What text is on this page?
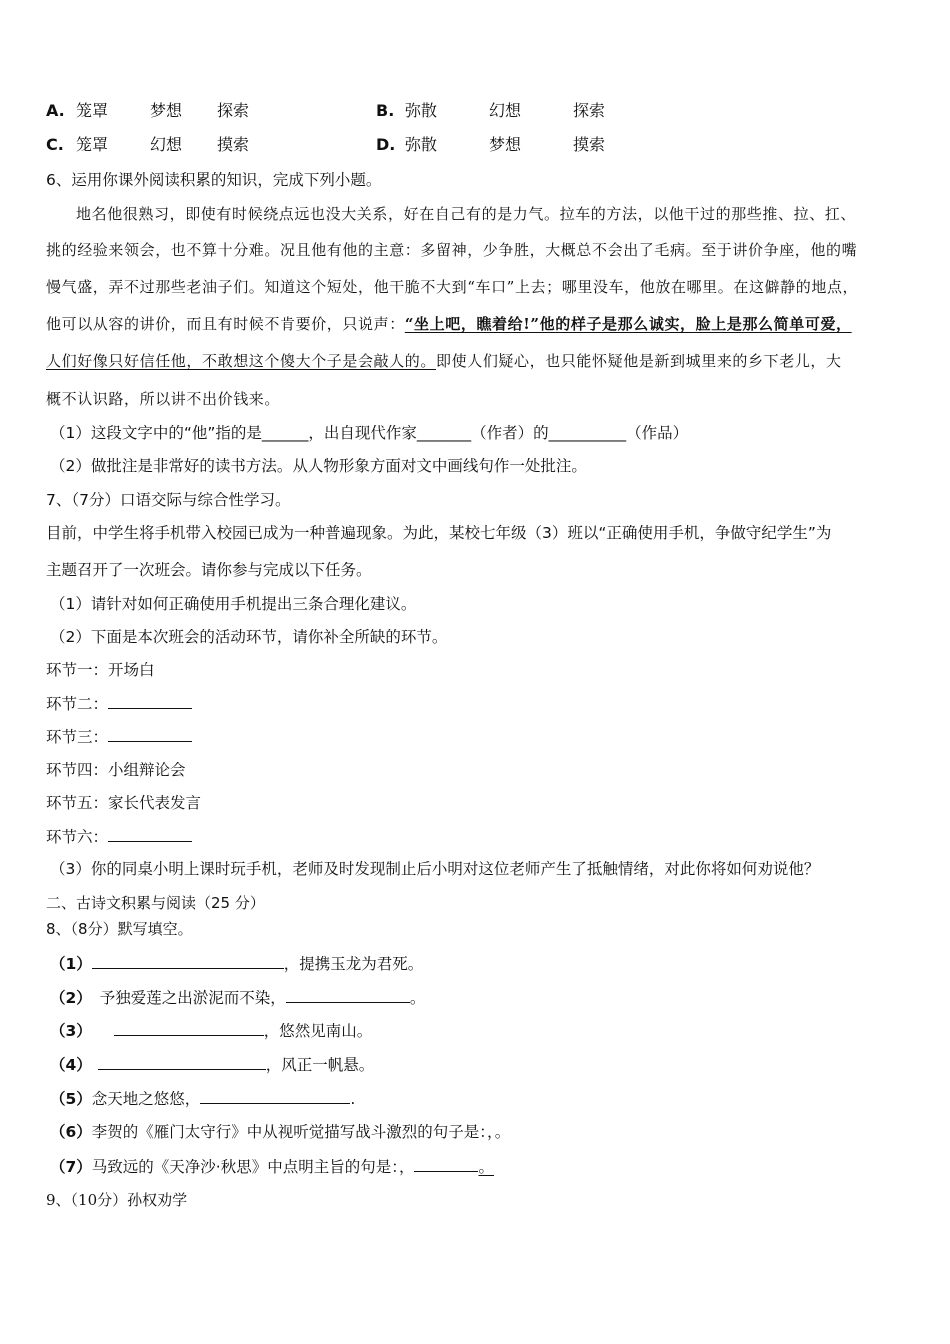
A. 笼罩	梦想 探索	B. 弥散	幻想	探索
C. 笼罩	幻想 摸索	D. 弥散	梦想	摸索
6、运用你课外阅读积累的知识，完成下列小题。
地名他很熟习，即使有时候绕点远也没大关系，好在自己有的是力气。拉车的方法，以他干过的那些推、拉、扛、
挑的经验来领会，也不算十分难。况且他有他的主意：多留神，少争胜，大概总不会出了毛病。至于讲价争座，他的嘴
慢气盛，弄不过那些老油子们。知道这个短处，他干脆不大到“车口”上去；哪里没车，他放在哪里。在这僻静的地点，
他可以从容的讲价，而且有时候不肯要价，只说声：“坐上吧，瞧着给!”他的样子是那么诚实，脸上是那么简单可爱，
人们好像只好信任他，不敢想这个傻大个子是会敲人的。即使人们疑心，也只能怀疑他是新到城里来的乡下老儿，大
概不认识路，所以讲不出价钱来。
（1）这段文字中的“他”指的是______，出自现代作家_______（作者）的__________（作品）
（2）做批注是非常好的读书方法。从人物形象方面对文中画线句作一处批注。
7、（7分）口语交际与综合性学习。
目前，中学生将手机带入校园已成为一种普遍现象。为此，某校七年级（3）班以“正确使用手机，争做守纪学生”为
主题召开了一次班会。请你参与完成以下任务。
（1）请针对如何正确使用手机提出三条合理化建议。
（2）下面是本次班会的活动环节，请你补全所缺的环节。
环节一：开场白
环节二：
环节三：
环节四：小组辩论会
环节五：家长代表发言
环节六：
（3）你的同桌小明上课时玩手机，老师及时发现制止后小明对这位老师产生了抵触情绪，对此你将如何劝说他？
二、古诗文积累与阅读（25 分）
8、（8分）默写填空。
（1）	，提携玉龙为君死。
（2） 予独爱莲之出淤泥而不染，	。
（3）	，悠然见南山。
（4）	，风正一帆悬。
（5）念天地之悠悠，	.
（6）李贺的《雁门太守行》中从视听觉描写战斗激烈的句子是：，。
（7）马致远的《天净沙·秋思》中点明主旨的句是：，	。
9、（10分）孙权劝学
